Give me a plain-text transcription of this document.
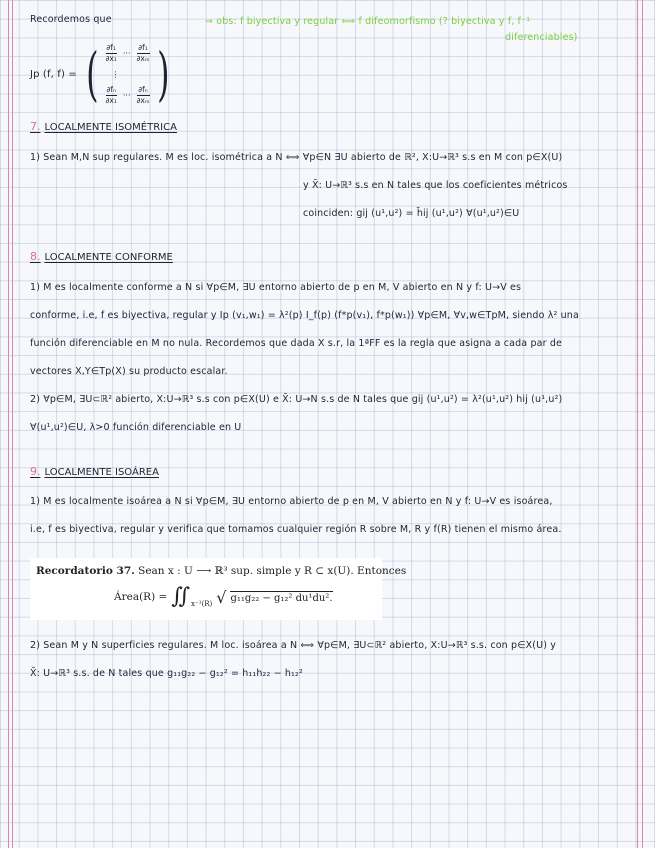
Recordemos que
Jp (f, f) = ( $\frac{\text{∂f₁}}{\text{∂x₁}}$ ··· $\frac{\text{∂f₁}}{\text{∂xₘ}}$
⋮
$\frac{\text{∂fₙ}}{\text{∂x₁}}$ ··· $\frac{\text{∂fₙ}}{\text{∂xₘ}}$ )
⇒ obs: f biyectiva y regular ⟺ f difeomorfismo (? biyectiva y f, f⁻¹
diferenciables)
7. LOCALMENTE ISOMÉTRICA
1) Sean M,N sup regulares. M es loc. isométrica a N ⟺ ∀p∈N ∃U abierto de ℝ², X:U→ℝ³ s.s en M con p∈X(U)
y X̄: U→ℝ³ s.s en N tales que los coeficientes métricos
coinciden: gij (u¹,u²) = h̄ij (u¹,u²) ∀(u¹,u²)∈U
8. LOCALMENTE CONFORME
1) M es localmente conforme a N si ∀p∈M, ∃U entorno abierto de p en M, V abierto en N y f: U→V es
conforme, i.e, f es biyectiva, regular y Ip (v₁,w₁) = λ²(p) I_f(p) (f*p(v₁), f*p(w₁)) ∀p∈M, ∀v,w∈TpM, siendo λ² una
función diferenciable en M no nula. Recordemos que dada X s.r, la 1ªFF es la regla que asigna a cada par de
vectores X,Y∈Tp(X) su producto escalar.
2) ∀p∈M, ∃U⊂ℝ² abierto, X:U→ℝ³ s.s con p∈X(U) e X̄: U→N s.s de N tales que gij (u¹,u²) = λ²(u¹,u²) hij (u¹,u²)
∀(u¹,u²)∈U, λ>0 función diferenciable en U
9. LOCALMENTE ISOÁREA
1) M es localmente isoárea a N si ∀p∈M, ∃U entorno abierto de p en M, V abierto en N y f: U→V es isoárea,
i.e, f es biyectiva, regular y verifica que tomamos cualquier región R sobre M, R y f(R) tienen el mismo área.
Recordatorio 37. Sean x : U ⟶ ℝ³ sup. simple y R ⊂ x(U). Entonces
Área(R) = ∬ x⁻¹(R) √ g₁₁g₂₂ − g₁₂² du¹du².
2) Sean M y N superficies regulares. M loc. isoárea a N ⟺ ∀p∈M, ∃U⊂ℝ² abierto, X:U→ℝ³ s.s. con p∈X(U) y
X̄: U→ℝ³ s.s. de N tales que g₁₁g₂₂ − g₁₂² = h₁₁h₂₂ − h₁₂²
